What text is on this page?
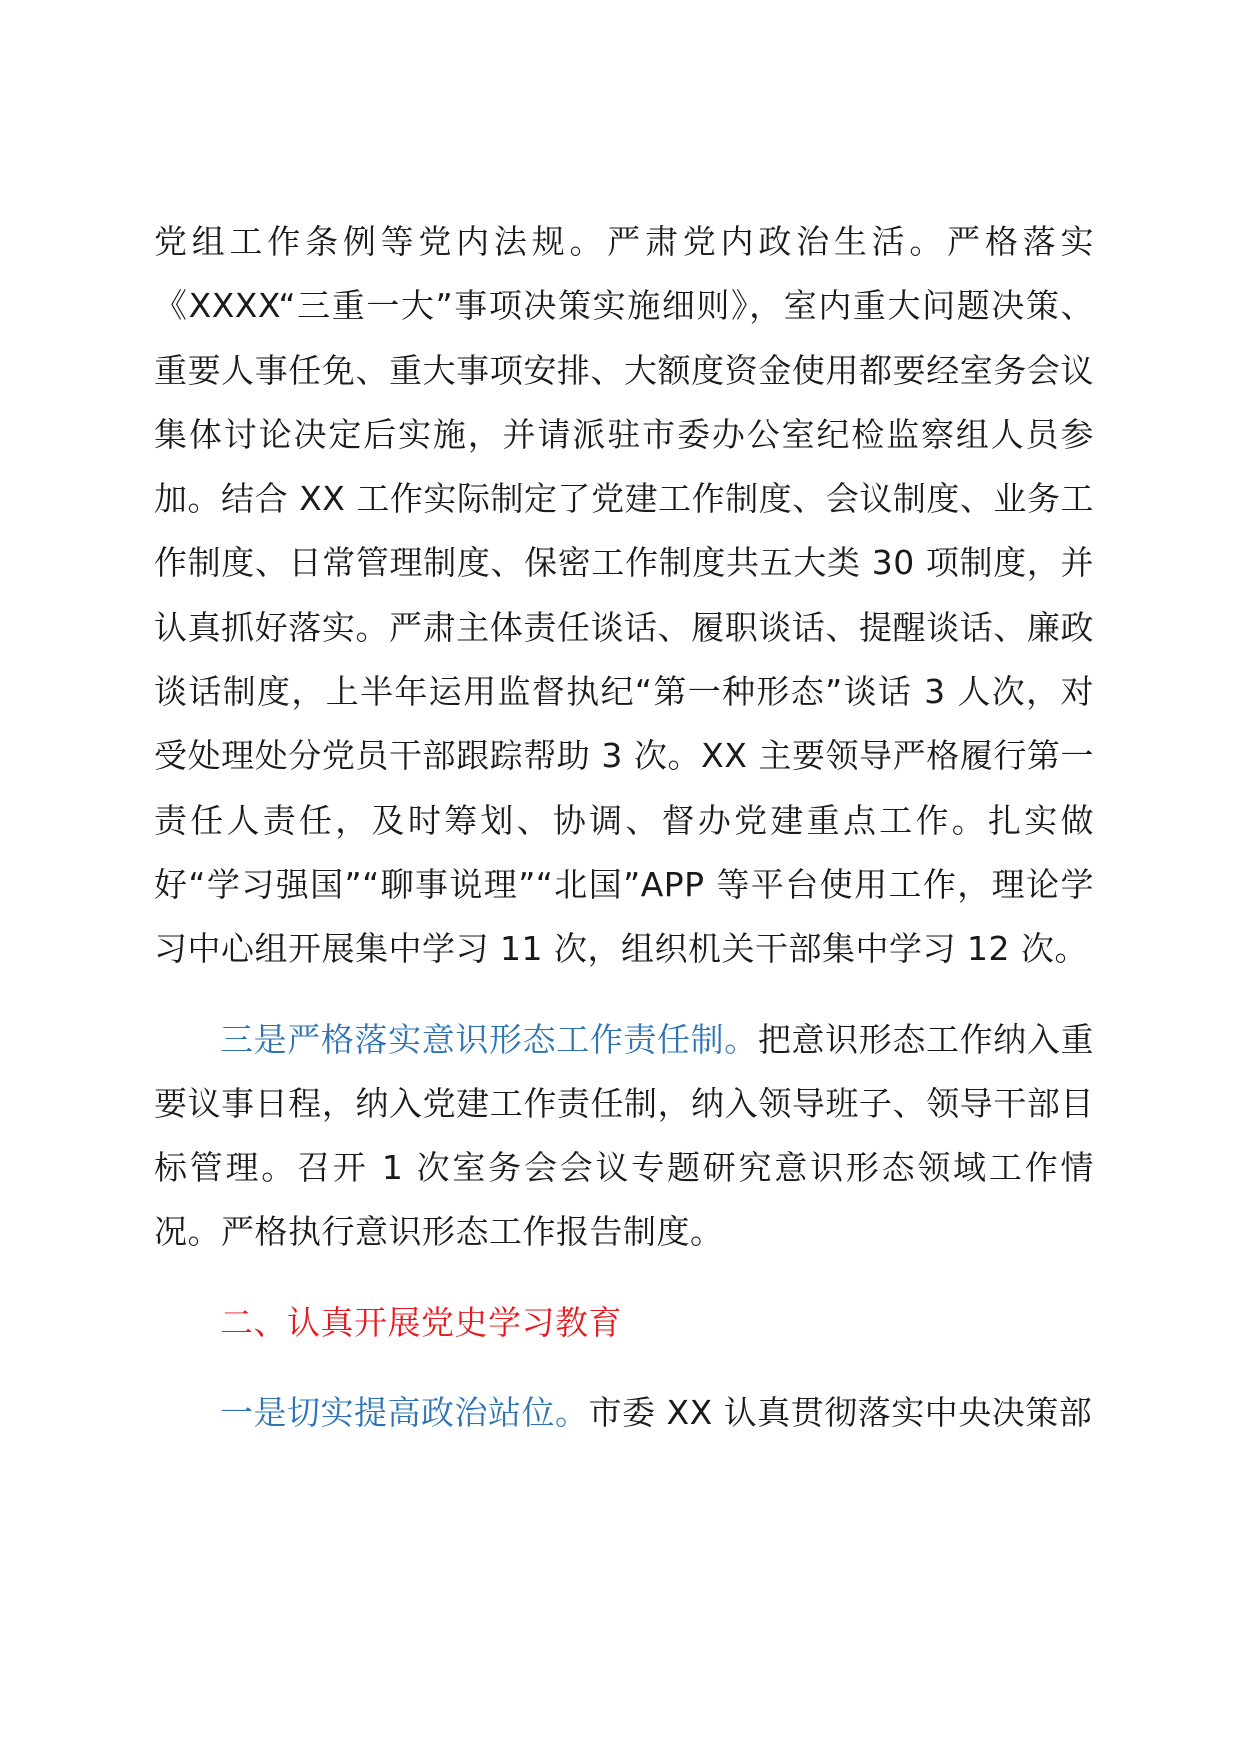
党组工作条例等党内法规。严肃党内政治生活。严格落实《XXXX“三重一大”事项决策实施细则》，室内重大问题决策、重要人事任免、重大事项安排、大额度资金使用都要经室务会议集体讨论决定后实施，并请派驻市委办公室纪检监察组人员参加。结合 XX 工作实际制定了党建工作制度、会议制度、业务工作制度、日常管理制度、保密工作制度共五大类 30 项制度，并认真抓好落实。严肃主体责任谈话、履职谈话、提醒谈话、廉政谈话制度，上半年运用监督执纪“第一种形态”谈话 3 人次，对受处理处分党员干部跟踪帮助 3 次。XX 主要领导严格履行第一责任人责任，及时筹划、协调、督办党建重点工作。扎实做好“学习强国”“聊事说理”“北国”APP 等平台使用工作，理论学习中心组开展集中学习 11 次，组织机关干部集中学习 12 次。

三是严格落实意识形态工作责任制。把意识形态工作纳入重要议事日程，纳入党建工作责任制，纳入领导班子、领导干部目标管理。召开 1 次室务会会议专题研究意识形态领域工作情况。严格执行意识形态工作报告制度。

二、认真开展党史学习教育

一是切实提高政治站位。市委 XX 认真贯彻落实中央决策部
